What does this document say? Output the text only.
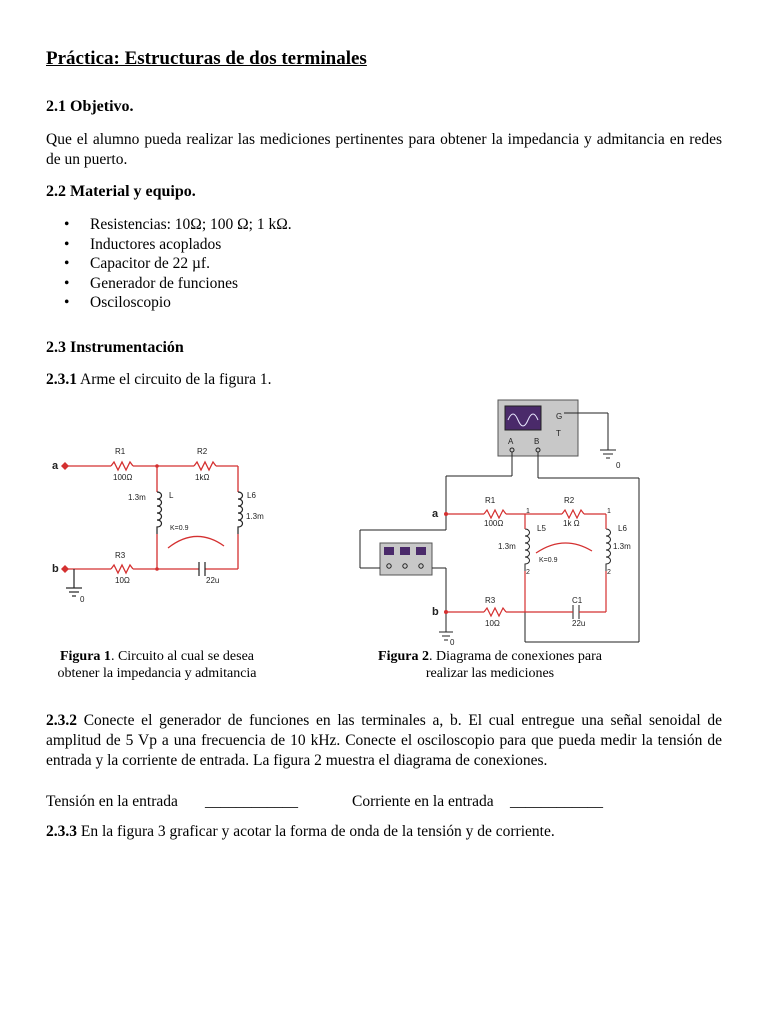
Práctica: Estructuras de dos terminales
2.1 Objetivo.
Que el alumno pueda realizar las mediciones pertinentes para obtener la impedancia y admitancia en redes de un puerto.
2.2 Material y equipo.
• Resistencias: 10Ω; 100 Ω; 1 kΩ.
• Inductores acoplados
• Capacitor de 22 µf.
• Generador de funciones
• Osciloscopio
2.3 Instrumentación
2.3.1 Arme el circuito de la figura 1.
a
b
R1
100Ω
R2
1kΩ
R3
10Ω
1.3m	L	L6
1.3m
K=0.9
22u
0
G
T
A	B
0
a
b
R1
100Ω
R2
1k Ω
R3
10Ω
L5
1.3m
L6
1.3m
K=0.9
C1
22u
1
2
1
2
0
Figura 1. Circuito al cual se desea obtener la impedancia y admitancia
Figura 2. Diagrama de conexiones para realizar las mediciones
2.3.2 Conecte el generador de funciones en las terminales a, b. El cual entregue una señal senoidal de amplitud de 5 Vp a una frecuencia de 10 kHz. Conecte el osciloscopio para que pueda medir la tensión de entrada y la corriente de entrada. La figura 2 muestra el diagrama de conexiones.
Tensión en la entrada ____________	Corriente en la entrada ____________
2.3.3 En la figura 3 graficar y acotar la forma de onda de la tensión y de corriente.
